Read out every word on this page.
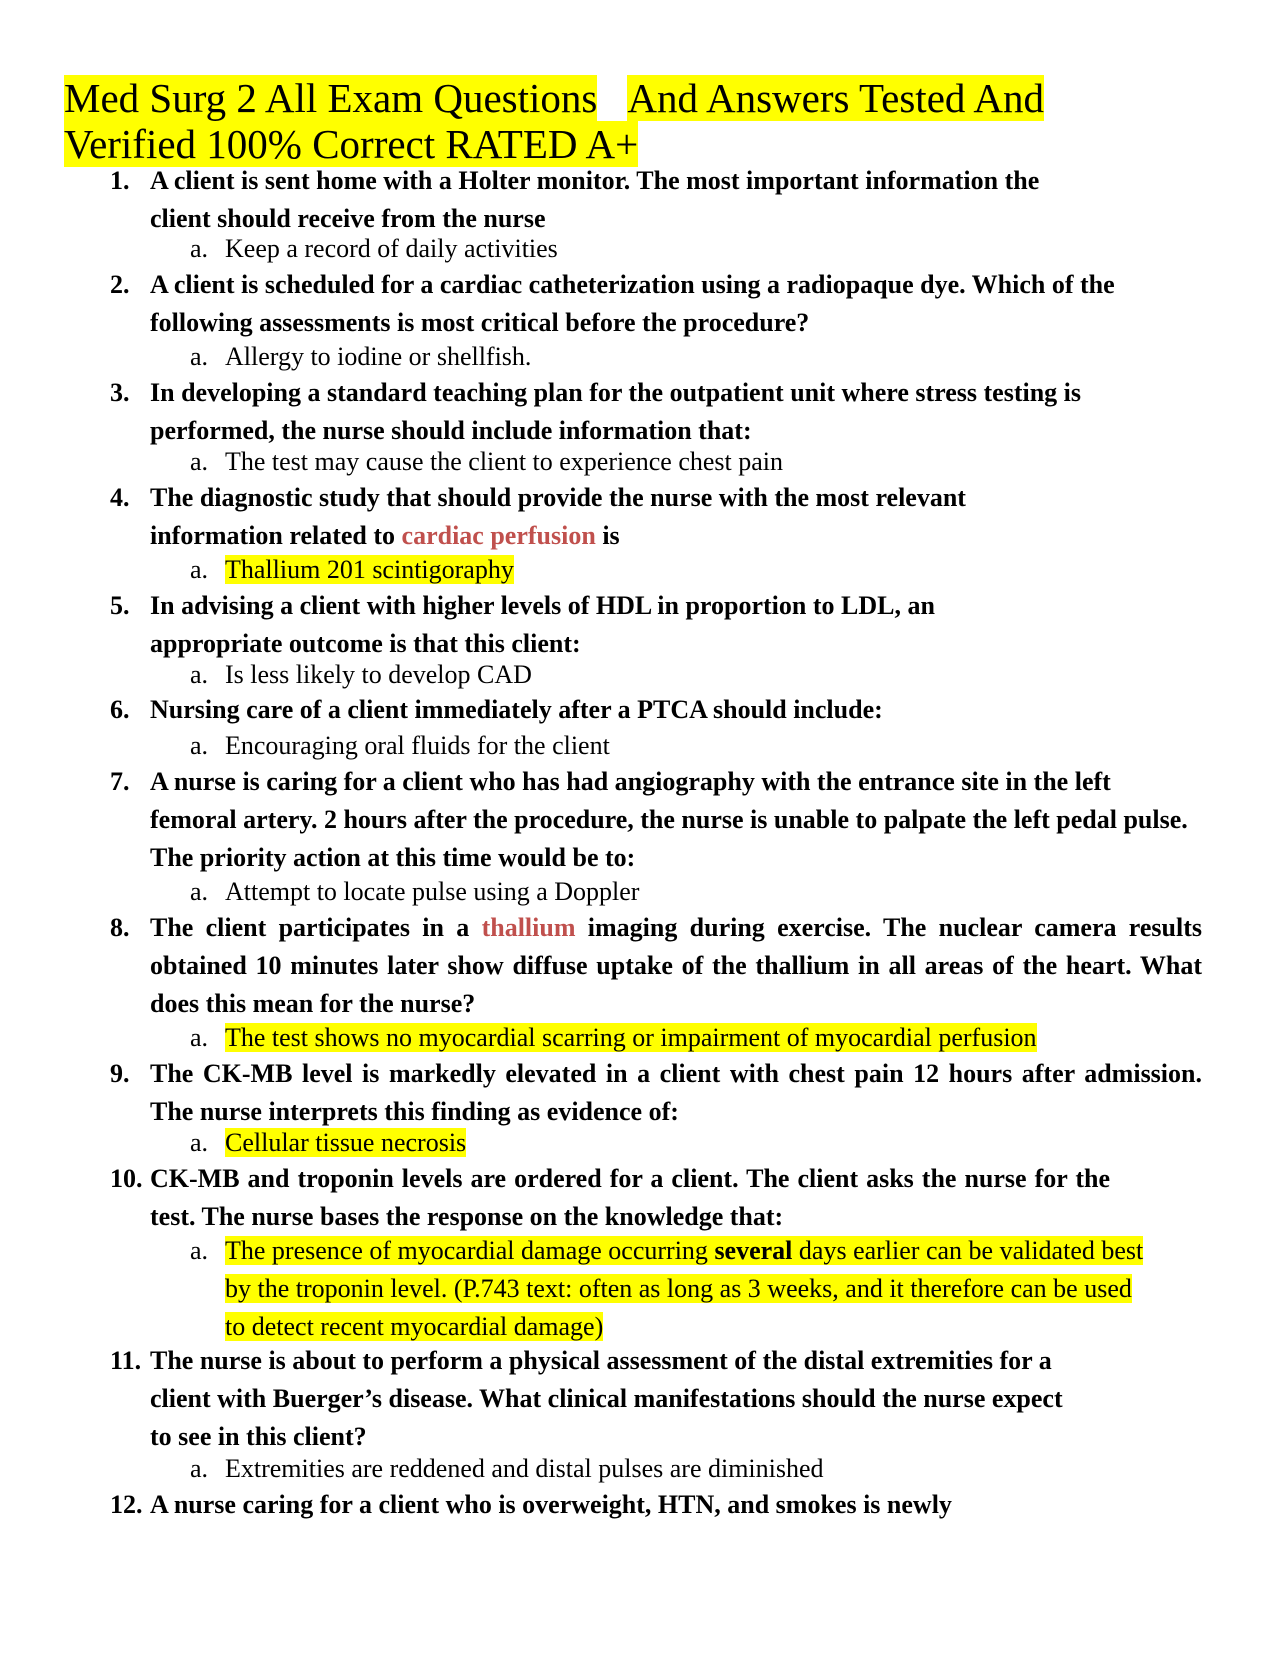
Med Surg 2 All Exam Questions And Answers Tested And
Verified 100% Correct RATED A+
1. A client is sent home with a Holter monitor. The most important information the client should receive from the nurse
a. Keep a record of daily activities
2. A client is scheduled for a cardiac catheterization using a radiopaque dye. Which of the following assessments is most critical before the procedure?
a. Allergy to iodine or shellfish.
3. In developing a standard teaching plan for the outpatient unit where stress testing is performed, the nurse should include information that:
a. The test may cause the client to experience chest pain
4. The diagnostic study that should provide the nurse with the most relevant information related to cardiac perfusion is
a. Thallium 201 scintigoraphy
5. In advising a client with higher levels of HDL in proportion to LDL, an appropriate outcome is that this client:
a. Is less likely to develop CAD
6. Nursing care of a client immediately after a PTCA should include:
a. Encouraging oral fluids for the client
7. A nurse is caring for a client who has had angiography with the entrance site in the left femoral artery. 2 hours after the procedure, the nurse is unable to palpate the left pedal pulse. The priority action at this time would be to:
a. Attempt to locate pulse using a Doppler
8. The client participates in a thallium imaging during exercise. The nuclear camera results obtained 10 minutes later show diffuse uptake of the thallium in all areas of the heart. What does this mean for the nurse?
a. The test shows no myocardial scarring or impairment of myocardial perfusion
9. The CK-MB level is markedly elevated in a client with chest pain 12 hours after admission. The nurse interprets this finding as evidence of:
a. Cellular tissue necrosis
10. CK-MB and troponin levels are ordered for a client. The client asks the nurse for the test. The nurse bases the response on the knowledge that:
a. The presence of myocardial damage occurring several days earlier can be validated best by the troponin level. (P.743 text: often as long as 3 weeks, and it therefore can be used to detect recent myocardial damage)
11. The nurse is about to perform a physical assessment of the distal extremities for a client with Buerger’s disease. What clinical manifestations should the nurse expect to see in this client?
a. Extremities are reddened and distal pulses are diminished
12. A nurse caring for a client who is overweight, HTN, and smokes is newly
